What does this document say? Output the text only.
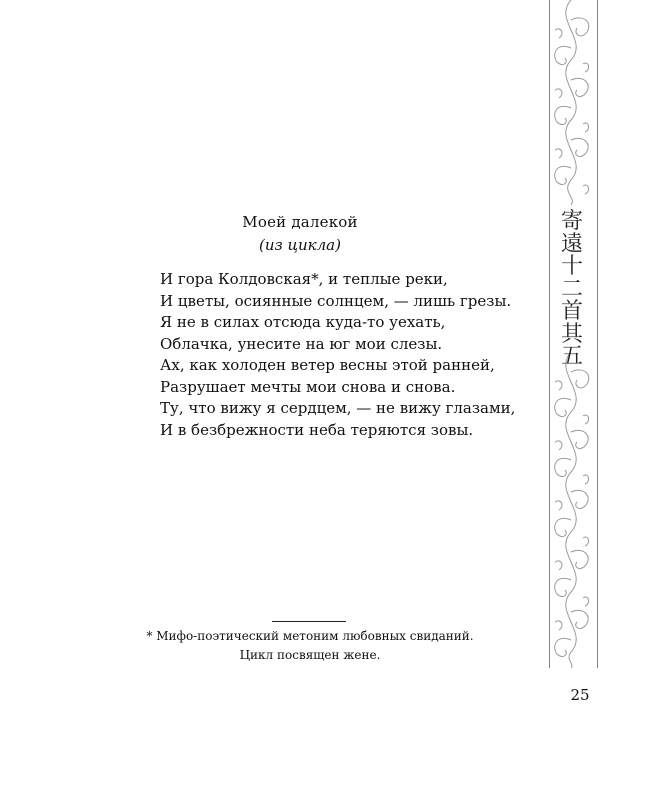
Моей далекой
(из цикла)
И гора Колдовская*, и теплые реки,
И цветы, осиянные солнцем, — лишь грезы.
Я не в силах отсюда куда-то уехать,
Облачка, унесите на юг мои слезы.
Ах, как холоден ветер весны этой ранней,
Разрушает мечты мои снова и снова.
Ту, что вижу я сердцем, — не вижу глазами,
И в безбрежности неба теряются зовы.
* Мифо-поэтический метоним любовных свиданий.
Цикл посвящен жене.
25
寄
遠
十
二
首
其
五
